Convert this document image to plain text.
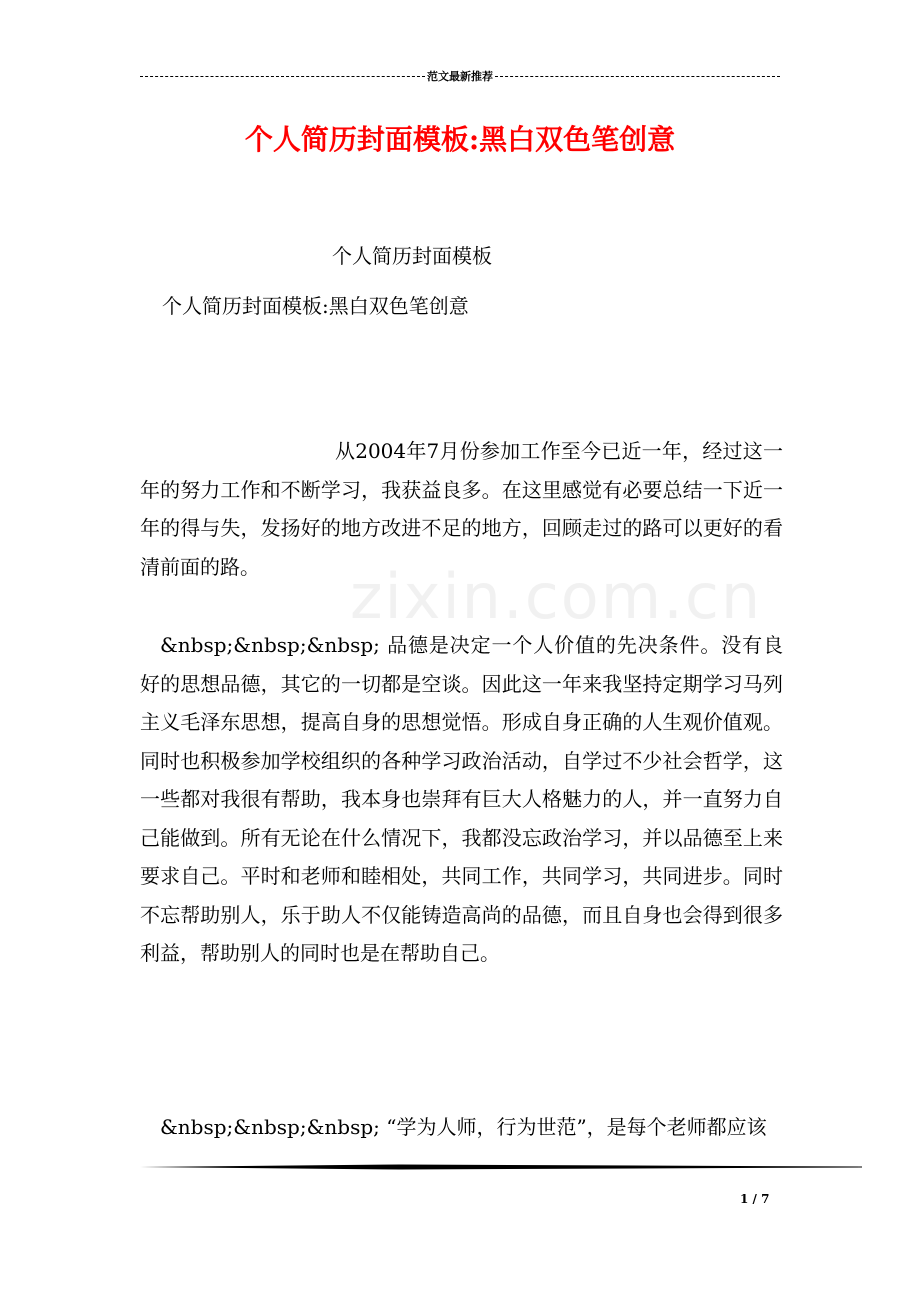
范文最新推荐
个人简历封面模板:黑白双色笔创意
个人简历封面模板
个人简历封面模板:黑白双色笔创意
zixin.com.cn
从2004年7月份参加工作至今已近一年，经过这一年的努力工作和不断学习，我获益良多。在这里感觉有必要总结一下近一年的得与失，发扬好的地方改进不足的地方，回顾走过的路可以更好的看清前面的路。
&nbsp;&nbsp;&nbsp; 品德是决定一个人价值的先决条件。没有良好的思想品德，其它的一切都是空谈。因此这一年来我坚持定期学习马列主义毛泽东思想，提高自身的思想觉悟。形成自身正确的人生观价值观。同时也积极参加学校组织的各种学习政治活动，自学过不少社会哲学，这一些都对我很有帮助，我本身也崇拜有巨大人格魅力的人，并一直努力自己能做到。所有无论在什么情况下，我都没忘政治学习，并以品德至上来要求自己。平时和老师和睦相处，共同工作，共同学习，共同进步。同时不忘帮助别人，乐于助人不仅能铸造高尚的品德，而且自身也会得到很多利益，帮助别人的同时也是在帮助自己。
&nbsp;&nbsp;&nbsp; “学为人师，行为世范”，是每个老师都应该
1 / 7
